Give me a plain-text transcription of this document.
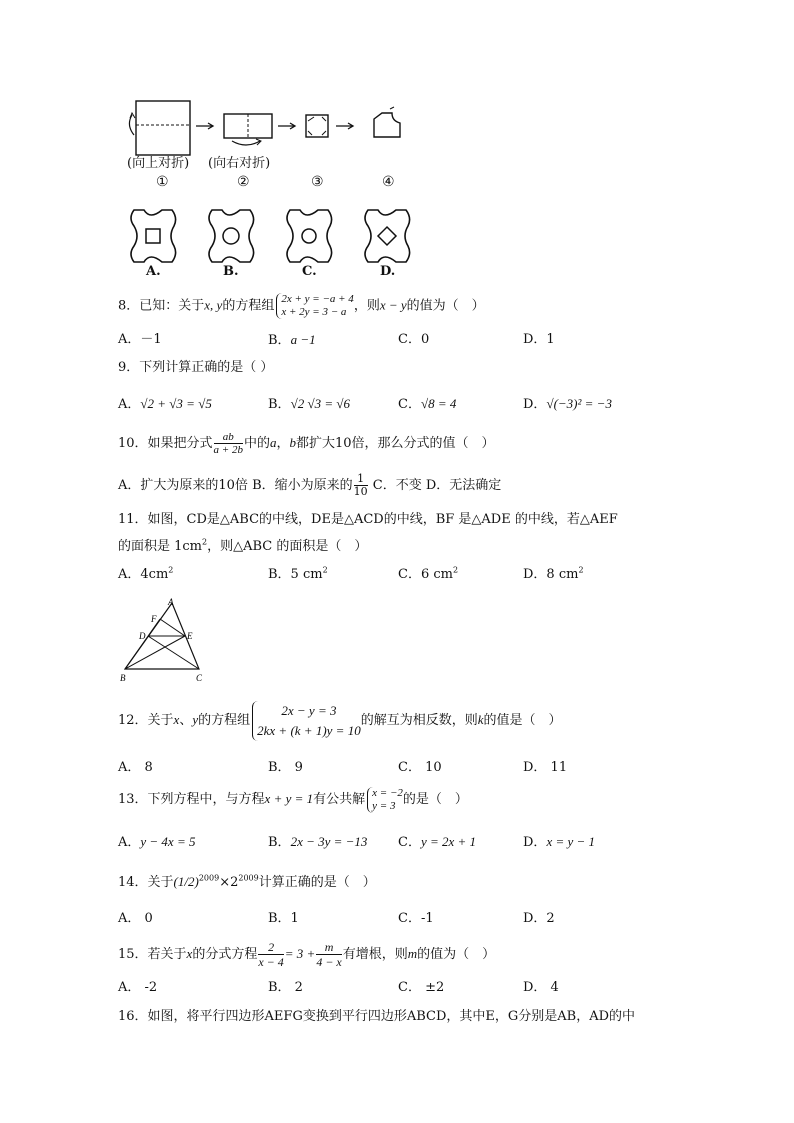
(向上对折) (向右对折)
①	②	③	④
A.	B.	C.	D.
8．已知：关于x, y的方程组 2x + y = −a + 4
x + 2y = 3 − a ，则x − y的值为（　）
A．－1	B．a −1	C．0	D．1
9．下列计算正确的是（ ）
A．√2 + √3 = √5	B．√2 √3 = √6	C．√8 = 4	D．√(−3)² = −3
10．如果把分式 $\frac{ab}{a + 2b}$ 中的a，b都扩大10倍，那么分式的值（　）
A．扩大为原来的10倍 B．缩小为原来的 $\frac{1}{10}$ C．不变 D．无法确定
11．如图，CD是△ABC的中线，DE是△ACD的中线，BF 是△ADE 的中线，若△AEF
的面积是 $1cm^2$，则△ABC 的面积是（　）
A．$4cm^2$	B．5 $cm^2$	C．6 $cm^2$	D．8 $cm^2$
A
F
D	E
B	C
12．关于x、y的方程组
2x − y = 3
2kx + (k + 1)y = 10
的解互为相反数，则k的值是（　）
A． 8	B． 9	C． 10	D． 11
13．下列方程中，与方程x + y = 1有公共解 x = −2
y = 3 的是（　）
A．y − 4x = 5	B．2x − 3y = −13 C．y = 2x + 1	D．x = y − 1
14．关于$(1/2)^{2009}\times 2^{2009}$计算正确的是（　）
A． 0	B．1	C．-1	D．2
15．若关于x的分式方程 $\frac{2}{x - 4} = 3 + \frac{m}{4 - x}$ 有增根，则m的值为（　）
A． -2	B． 2	C． ±2	D． 4
16．如图，将平行四边形AEFG变换到平行四边形ABCD，其中E，G分别是AB，AD的中
